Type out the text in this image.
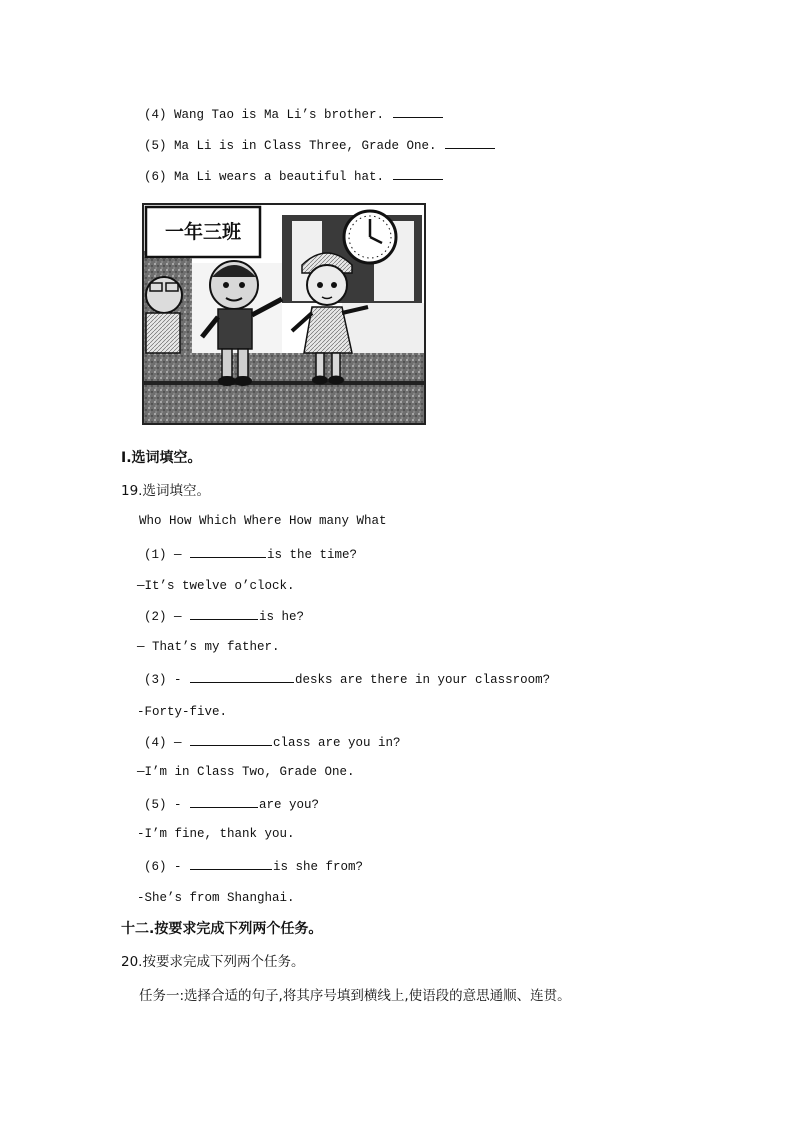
(4) Wang Tao is Ma Li’s brother.
(5) Ma Li is in Class Three, Grade One.
(6) Ma Li wears a beautiful hat.
一年三班
Ⅰ.选词填空。
19.选词填空。
Who How Which Where How many What
(1) —	is the time?
—It’s twelve o’clock.
(2) —	is he?
— That’s my father.
(3) -	desks are there in your classroom?
-Forty-five.
(4) —	class are you in?
—I’m in Class Two, Grade One.
(5) -	are you?
-I’m fine, thank you.
(6) -	is she from?
-She’s from Shanghai.
十二.按要求完成下列两个任务。
20.按要求完成下列两个任务。
任务一:选择合适的句子,将其序号填到横线上,使语段的意思通顺、连贯。
